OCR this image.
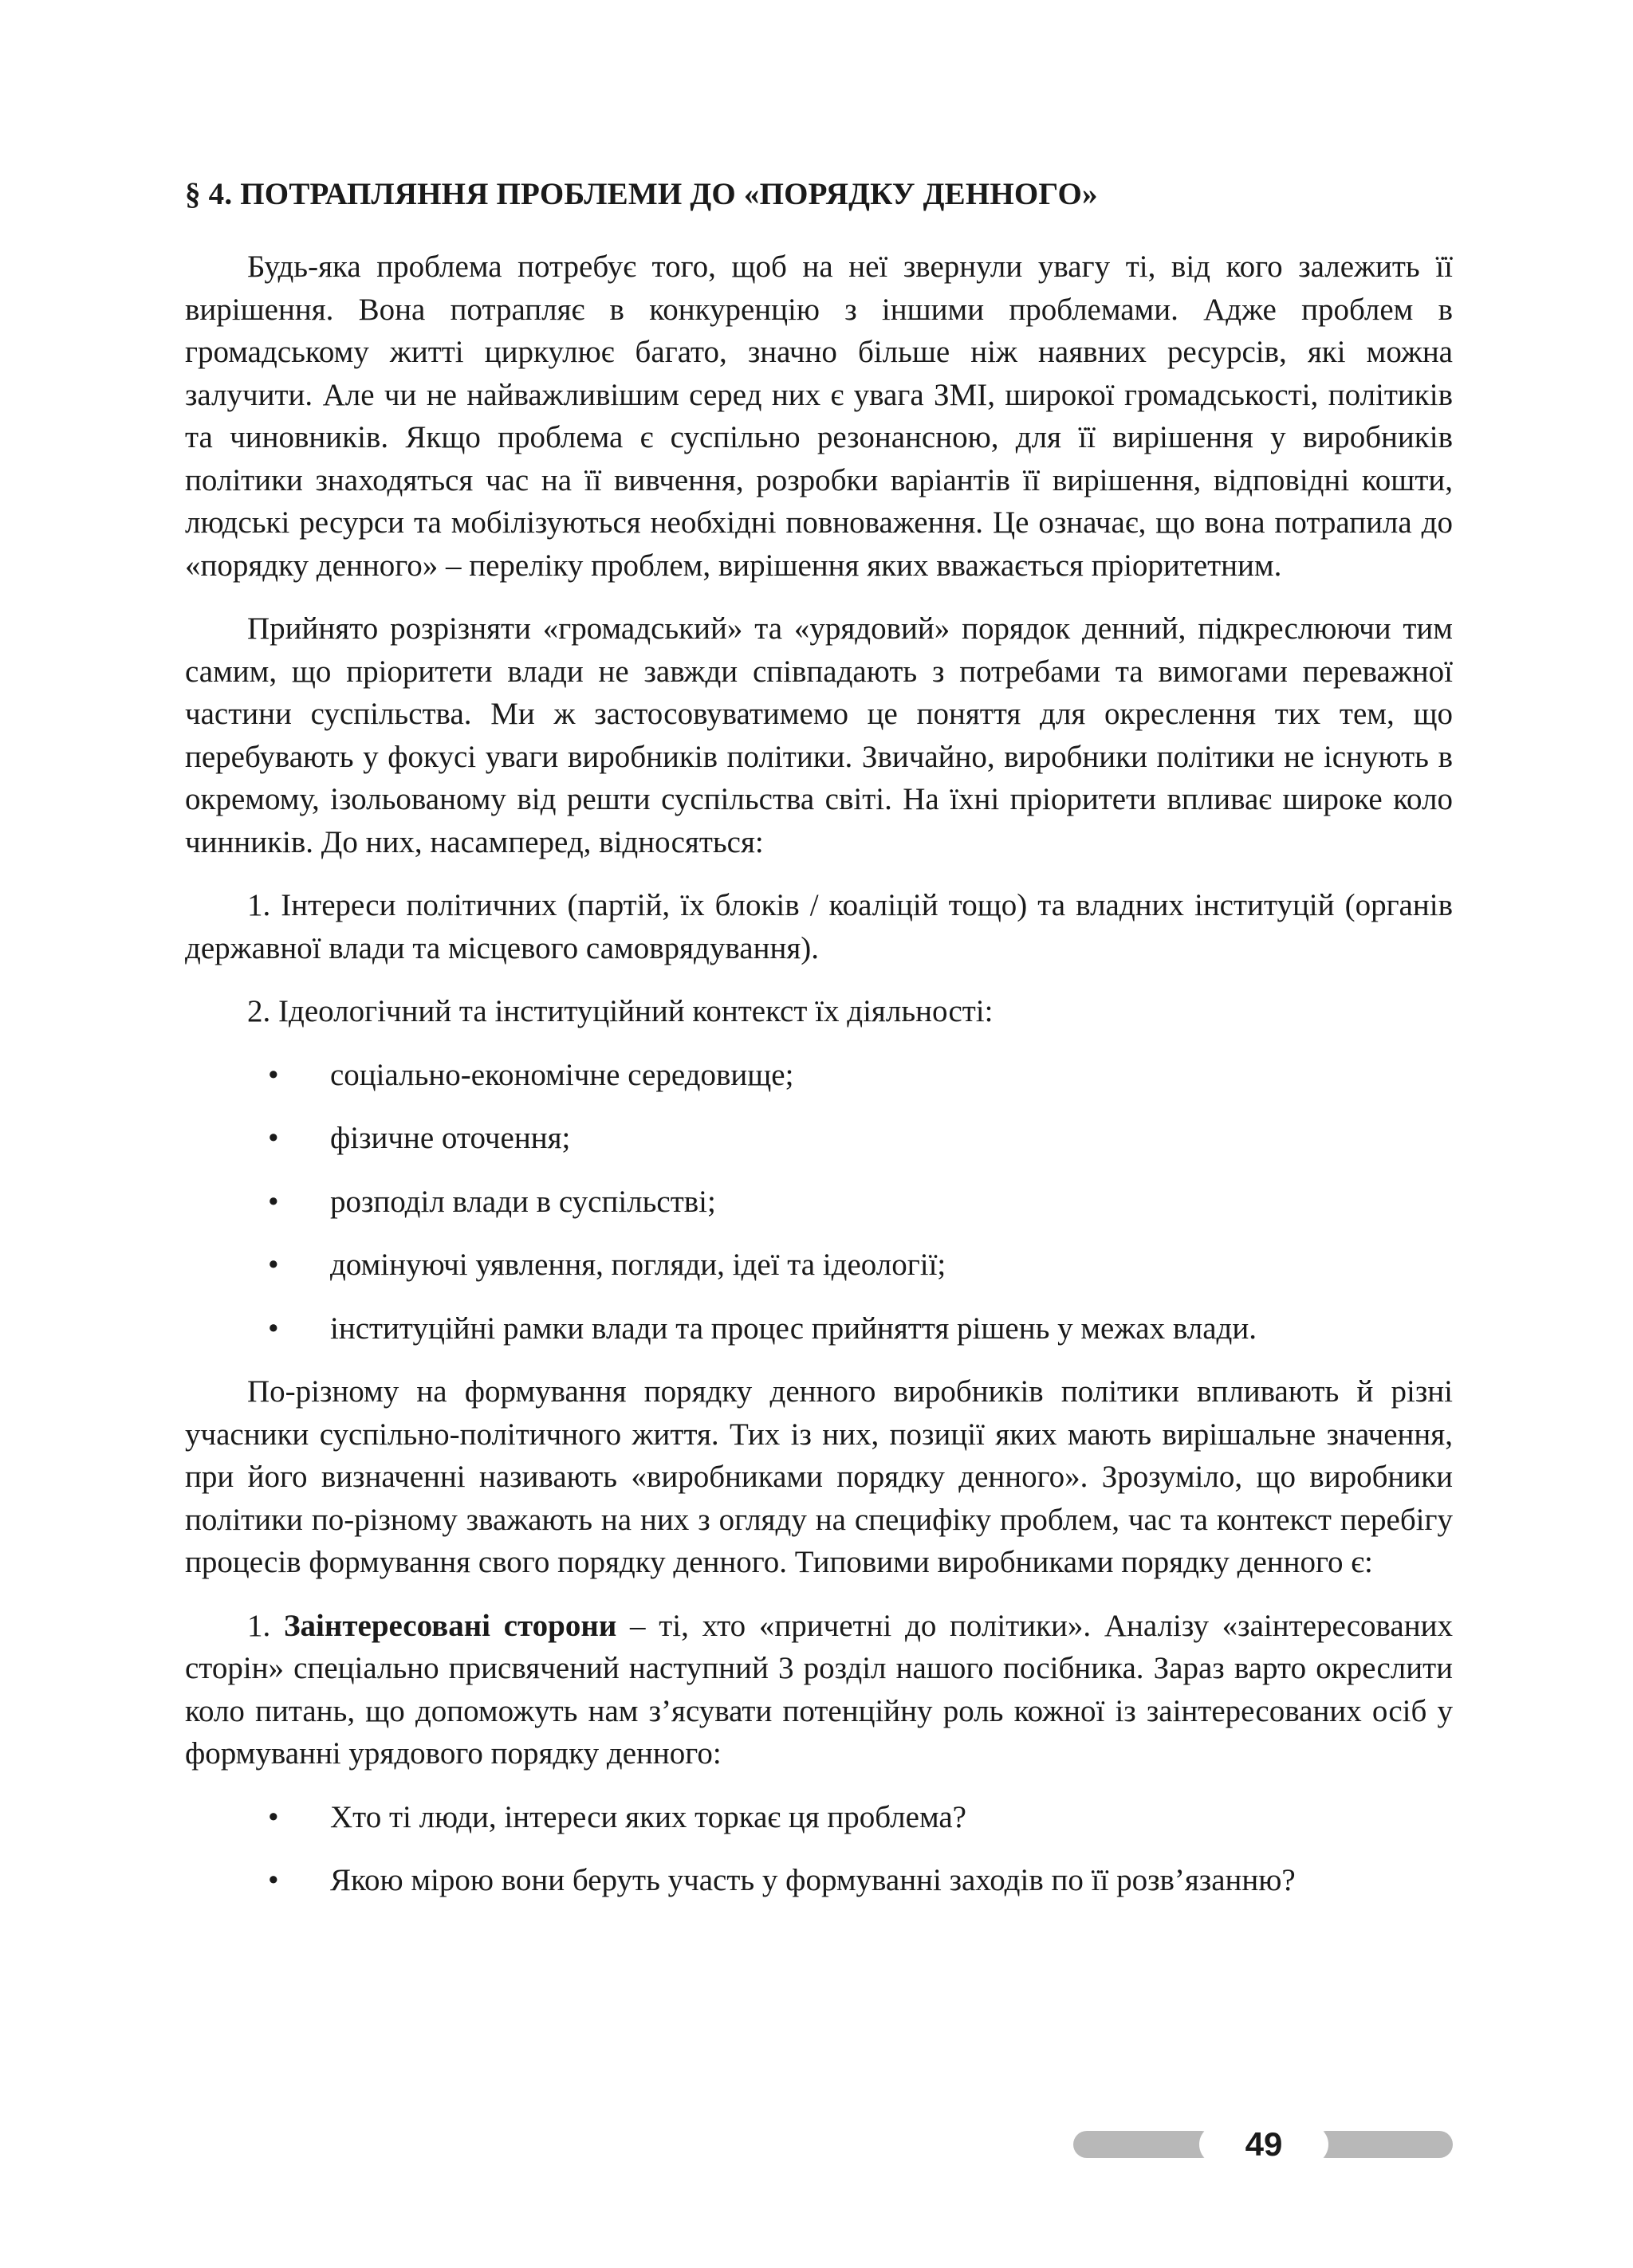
§ 4. ПОТРАПЛЯННЯ ПРОБЛЕМИ ДО «ПОРЯДКУ ДЕННОГО»

Будь-яка проблема потребує того, щоб на неї звернули увагу ті, від кого залежить її вирішення. Вона потрапляє в конкуренцію з іншими проблемами. Адже проблем в громадському житті циркулює багато, значно більше ніж наявних ресурсів, які можна залучити. Але чи не найважливішим серед них є увага ЗМІ, широкої громадськості, політиків та чиновників. Якщо проблема є суспільно резонансною, для її вирішення у виробників політики знаходяться час на її вивчення, розробки варіантів її вирішення, відповідні кошти, людські ресурси та мобілізуються необхідні повноваження. Це означає, що вона потрапила до «порядку денного» – переліку проблем, вирішення яких вважається пріоритетним.

Прийнято розрізняти «громадський» та «урядовий» порядок денний, підкреслюючи тим самим, що пріоритети влади не завжди співпадають з потребами та вимогами переважної частини суспільства. Ми ж застосовуватимемо це поняття для окреслення тих тем, що перебувають у фокусі уваги виробників політики. Звичайно, виробники політики не існують в окремому, ізольованому від решти суспільства світі. На їхні пріоритети впливає широке коло чинників. До них, насамперед, відносяться:

1. Інтереси політичних (партій, їх блоків / коаліцій тощо) та владних інституцій (органів державної влади та місцевого самоврядування).
2. Ідеологічний та інституційний контекст їх діяльності:
• соціально-економічне середовище;
• фізичне оточення;
• розподіл влади в суспільстві;
• домінуючі уявлення, погляди, ідеї та ідеології;
• інституційні рамки влади та процес прийняття рішень у межах влади.

По-різному на формування порядку денного виробників політики впливають й різні учасники суспільно-політичного життя. Тих із них, позиції яких мають вирішальне значення, при його визначенні називають «виробниками порядку денного». Зрозуміло, що виробники політики по-різному зважають на них з огляду на специфіку проблем, час та контекст перебігу процесів формування свого порядку денного. Типовими виробниками порядку денного є:

1. Заінтересовані сторони – ті, хто «причетні до політики». Аналізу «заінтересованих сторін» спеціально присвячений наступний 3 розділ нашого посібника. Зараз варто окреслити коло питань, що допоможуть нам з’ясувати потенційну роль кожної із заінтересованих осіб у формуванні урядового порядку денного:
• Хто ті люди, інтереси яких торкає ця проблема?
• Якою мірою вони беруть участь у формуванні заходів по її розв’язанню?
49
